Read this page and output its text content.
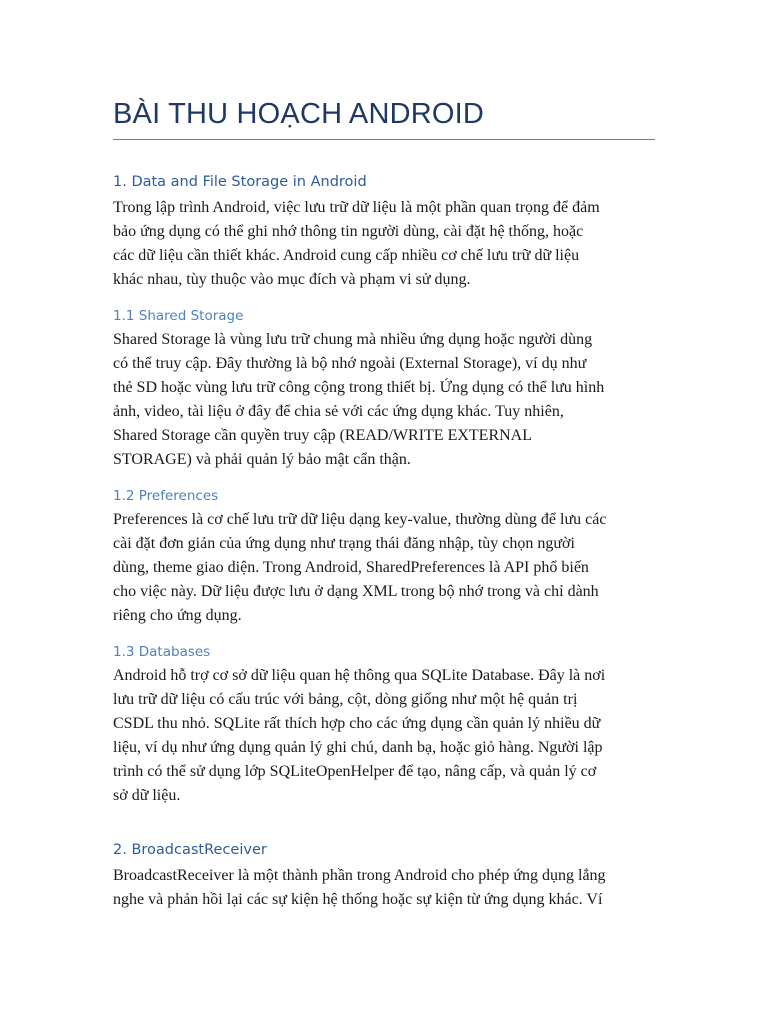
BÀI THU HOẠCH ANDROID
1. Data and File Storage in Android

Trong lập trình Android, việc lưu trữ dữ liệu là một phần quan trọng để đảm
bảo ứng dụng có thể ghi nhớ thông tin người dùng, cài đặt hệ thống, hoặc
các dữ liệu cần thiết khác. Android cung cấp nhiều cơ chế lưu trữ dữ liệu
khác nhau, tùy thuộc vào mục đích và phạm vi sử dụng.

1.1 Shared Storage

Shared Storage là vùng lưu trữ chung mà nhiều ứng dụng hoặc người dùng
có thể truy cập. Đây thường là bộ nhớ ngoài (External Storage), ví dụ như
thẻ SD hoặc vùng lưu trữ công cộng trong thiết bị. Ứng dụng có thể lưu hình
ảnh, video, tài liệu ở đây để chia sẻ với các ứng dụng khác. Tuy nhiên,
Shared Storage cần quyền truy cập (READ/WRITE EXTERNAL
STORAGE) và phải quản lý bảo mật cẩn thận.

1.2 Preferences

Preferences là cơ chế lưu trữ dữ liệu dạng key-value, thường dùng để lưu các
cài đặt đơn giản của ứng dụng như trạng thái đăng nhập, tùy chọn người
dùng, theme giao diện. Trong Android, SharedPreferences là API phổ biến
cho việc này. Dữ liệu được lưu ở dạng XML trong bộ nhớ trong và chỉ dành
riêng cho ứng dụng.

1.3 Databases

Android hỗ trợ cơ sở dữ liệu quan hệ thông qua SQLite Database. Đây là nơi
lưu trữ dữ liệu có cấu trúc với bảng, cột, dòng giống như một hệ quản trị
CSDL thu nhỏ. SQLite rất thích hợp cho các ứng dụng cần quản lý nhiều dữ
liệu, ví dụ như ứng dụng quản lý ghi chú, danh bạ, hoặc giỏ hàng. Người lập
trình có thể sử dụng lớp SQLiteOpenHelper để tạo, nâng cấp, và quản lý cơ
sở dữ liệu.

2. BroadcastReceiver

BroadcastReceiver là một thành phần trong Android cho phép ứng dụng lắng
nghe và phản hồi lại các sự kiện hệ thống hoặc sự kiện từ ứng dụng khác. Ví
